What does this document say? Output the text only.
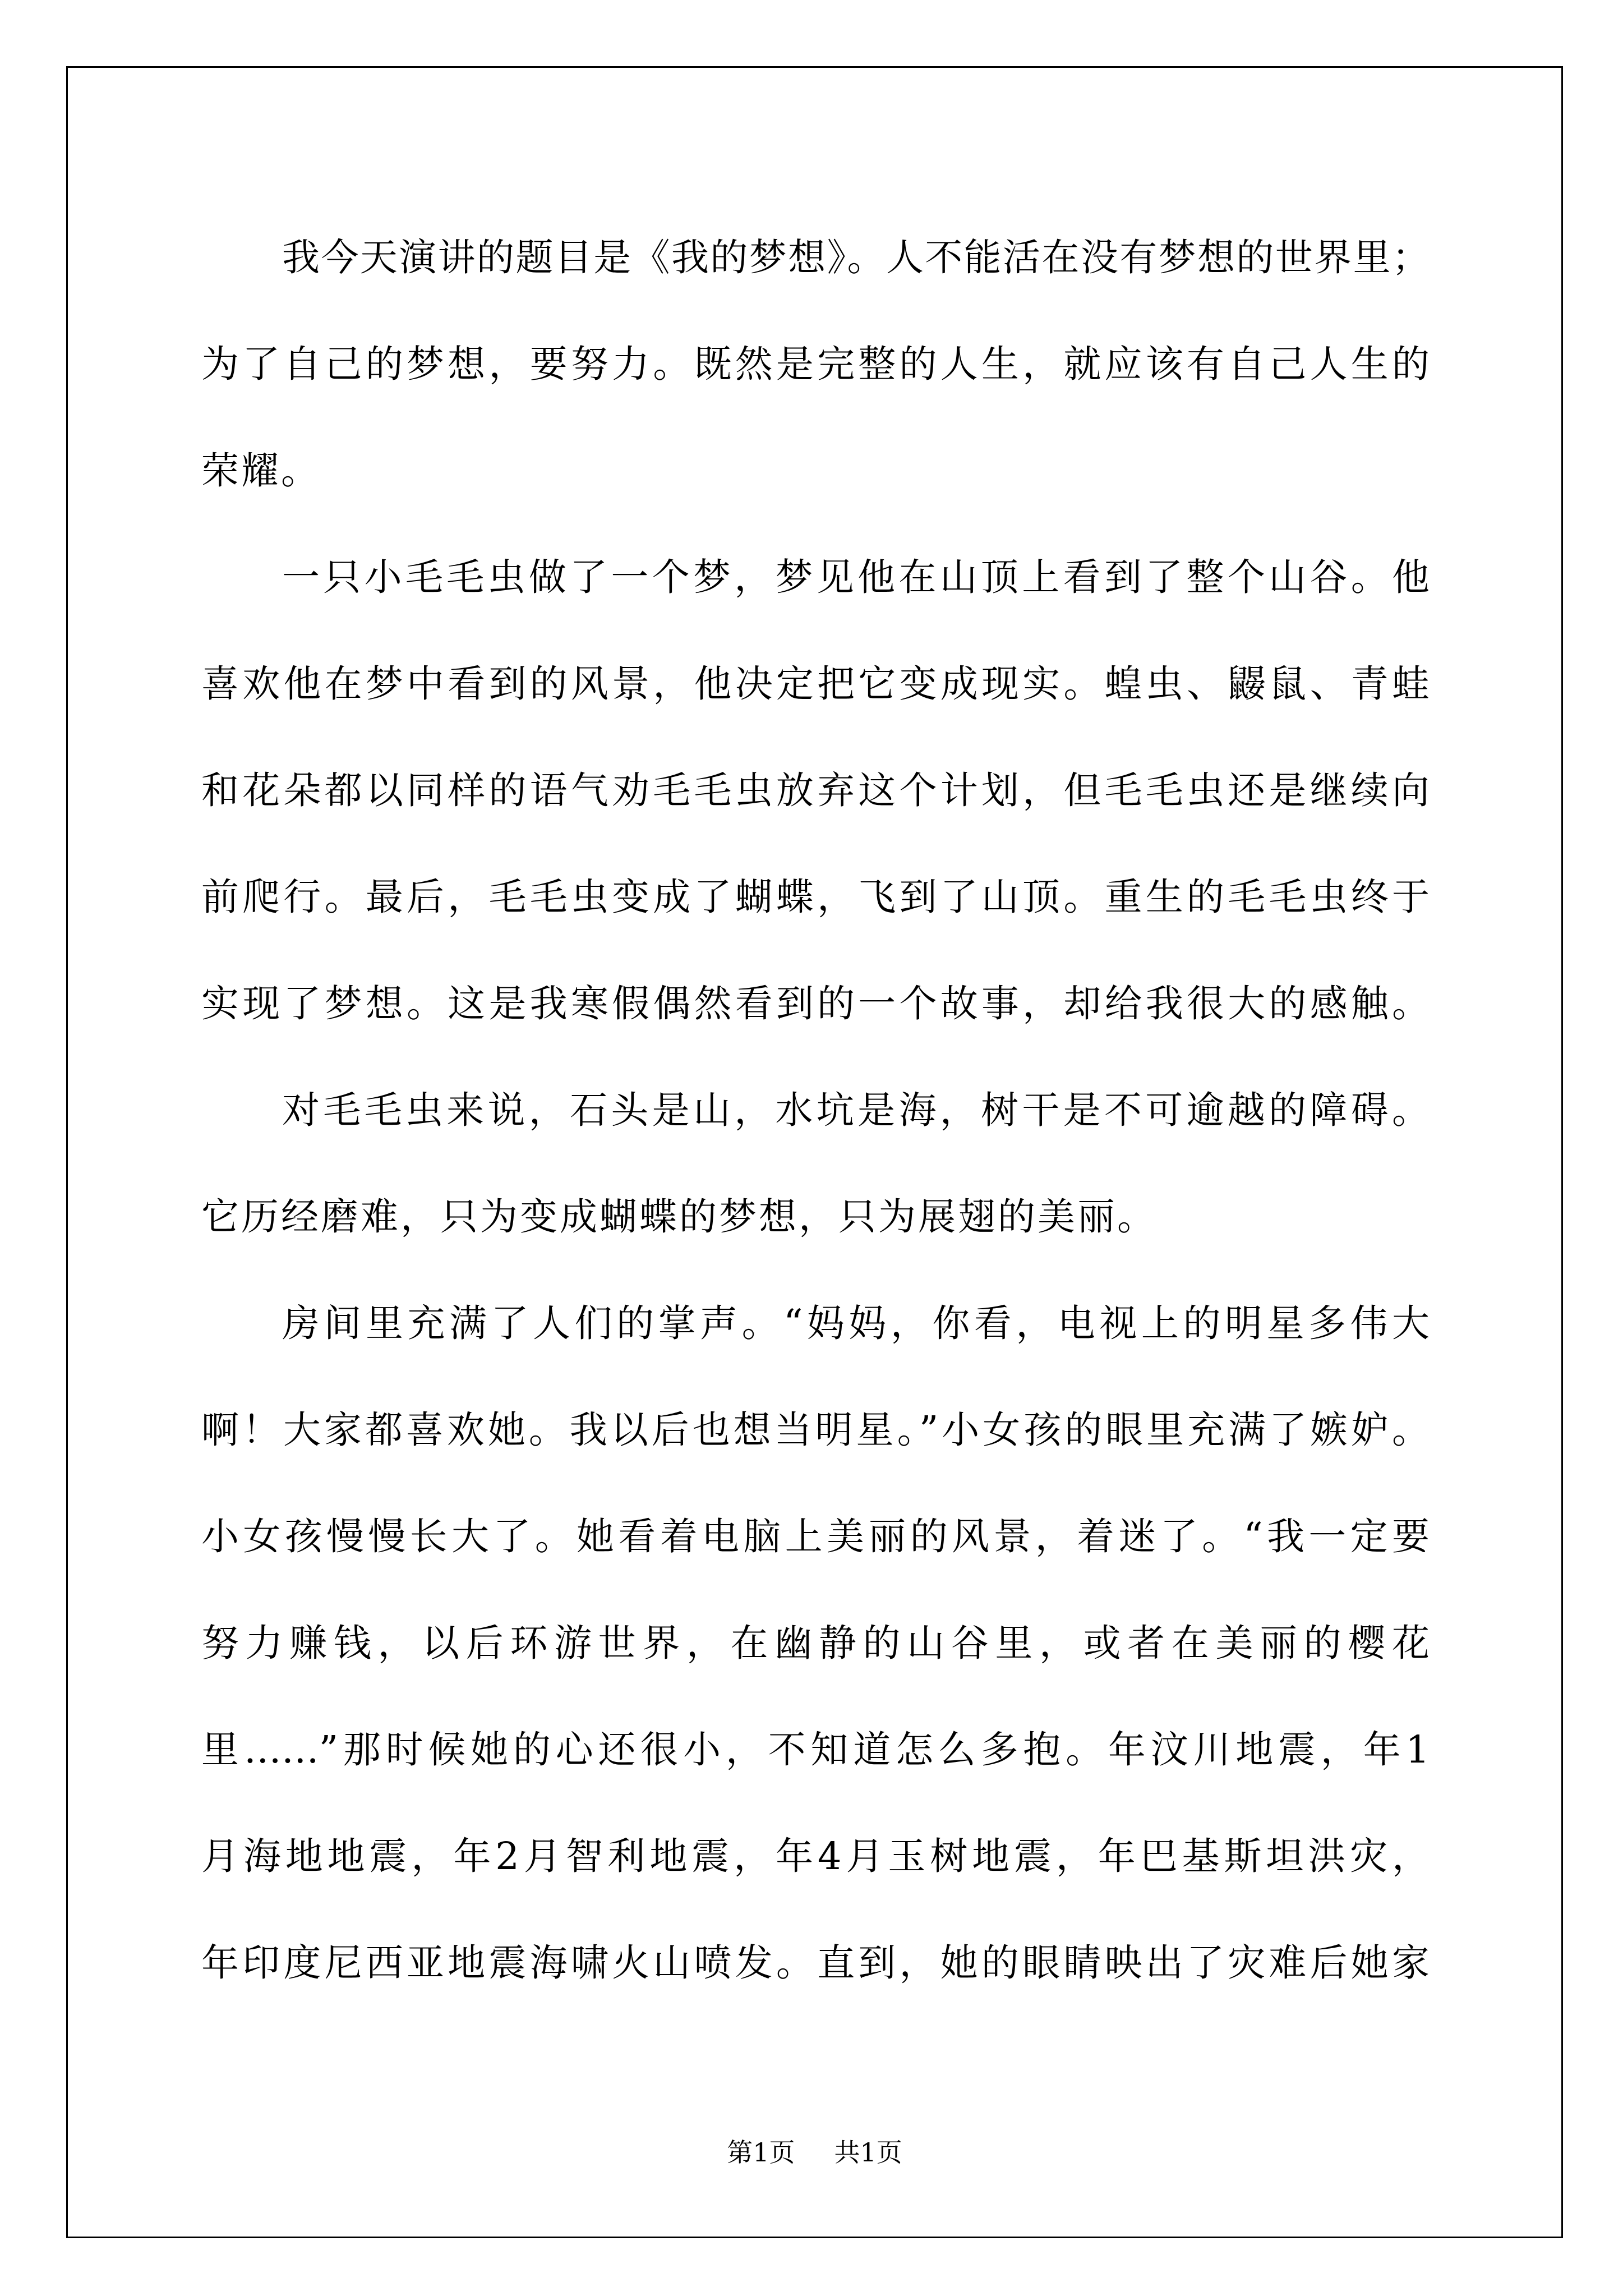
我今天演讲的题目是《我的梦想》。人不能活在没有梦想的世界里；
为了自己的梦想，要努力。既然是完整的人生，就应该有自己人生的
荣耀。
一只小毛毛虫做了一个梦，梦见他在山顶上看到了整个山谷。他
喜欢他在梦中看到的风景，他决定把它变成现实。蝗虫、鼹鼠、青蛙
和花朵都以同样的语气劝毛毛虫放弃这个计划，但毛毛虫还是继续向
前爬行。最后，毛毛虫变成了蝴蝶，飞到了山顶。重生的毛毛虫终于
实现了梦想。这是我寒假偶然看到的一个故事，却给我很大的感触。
对毛毛虫来说，石头是山，水坑是海，树干是不可逾越的障碍。
它历经磨难，只为变成蝴蝶的梦想，只为展翅的美丽。
房间里充满了人们的掌声。“妈妈，你看，电视上的明星多伟大
啊！大家都喜欢她。我以后也想当明星。”小女孩的眼里充满了嫉妒。
小女孩慢慢长大了。她看着电脑上美丽的风景，着迷了。“我一定要
努力赚钱，以后环游世界，在幽静的山谷里，或者在美丽的樱花
里……”那时候她的心还很小，不知道怎么多抱。年汶川地震，年1
月海地地震，年2月智利地震，年4月玉树地震，年巴基斯坦洪灾，
年印度尼西亚地震海啸火山喷发。直到，她的眼睛映出了灾难后她家
第1页 共1页
